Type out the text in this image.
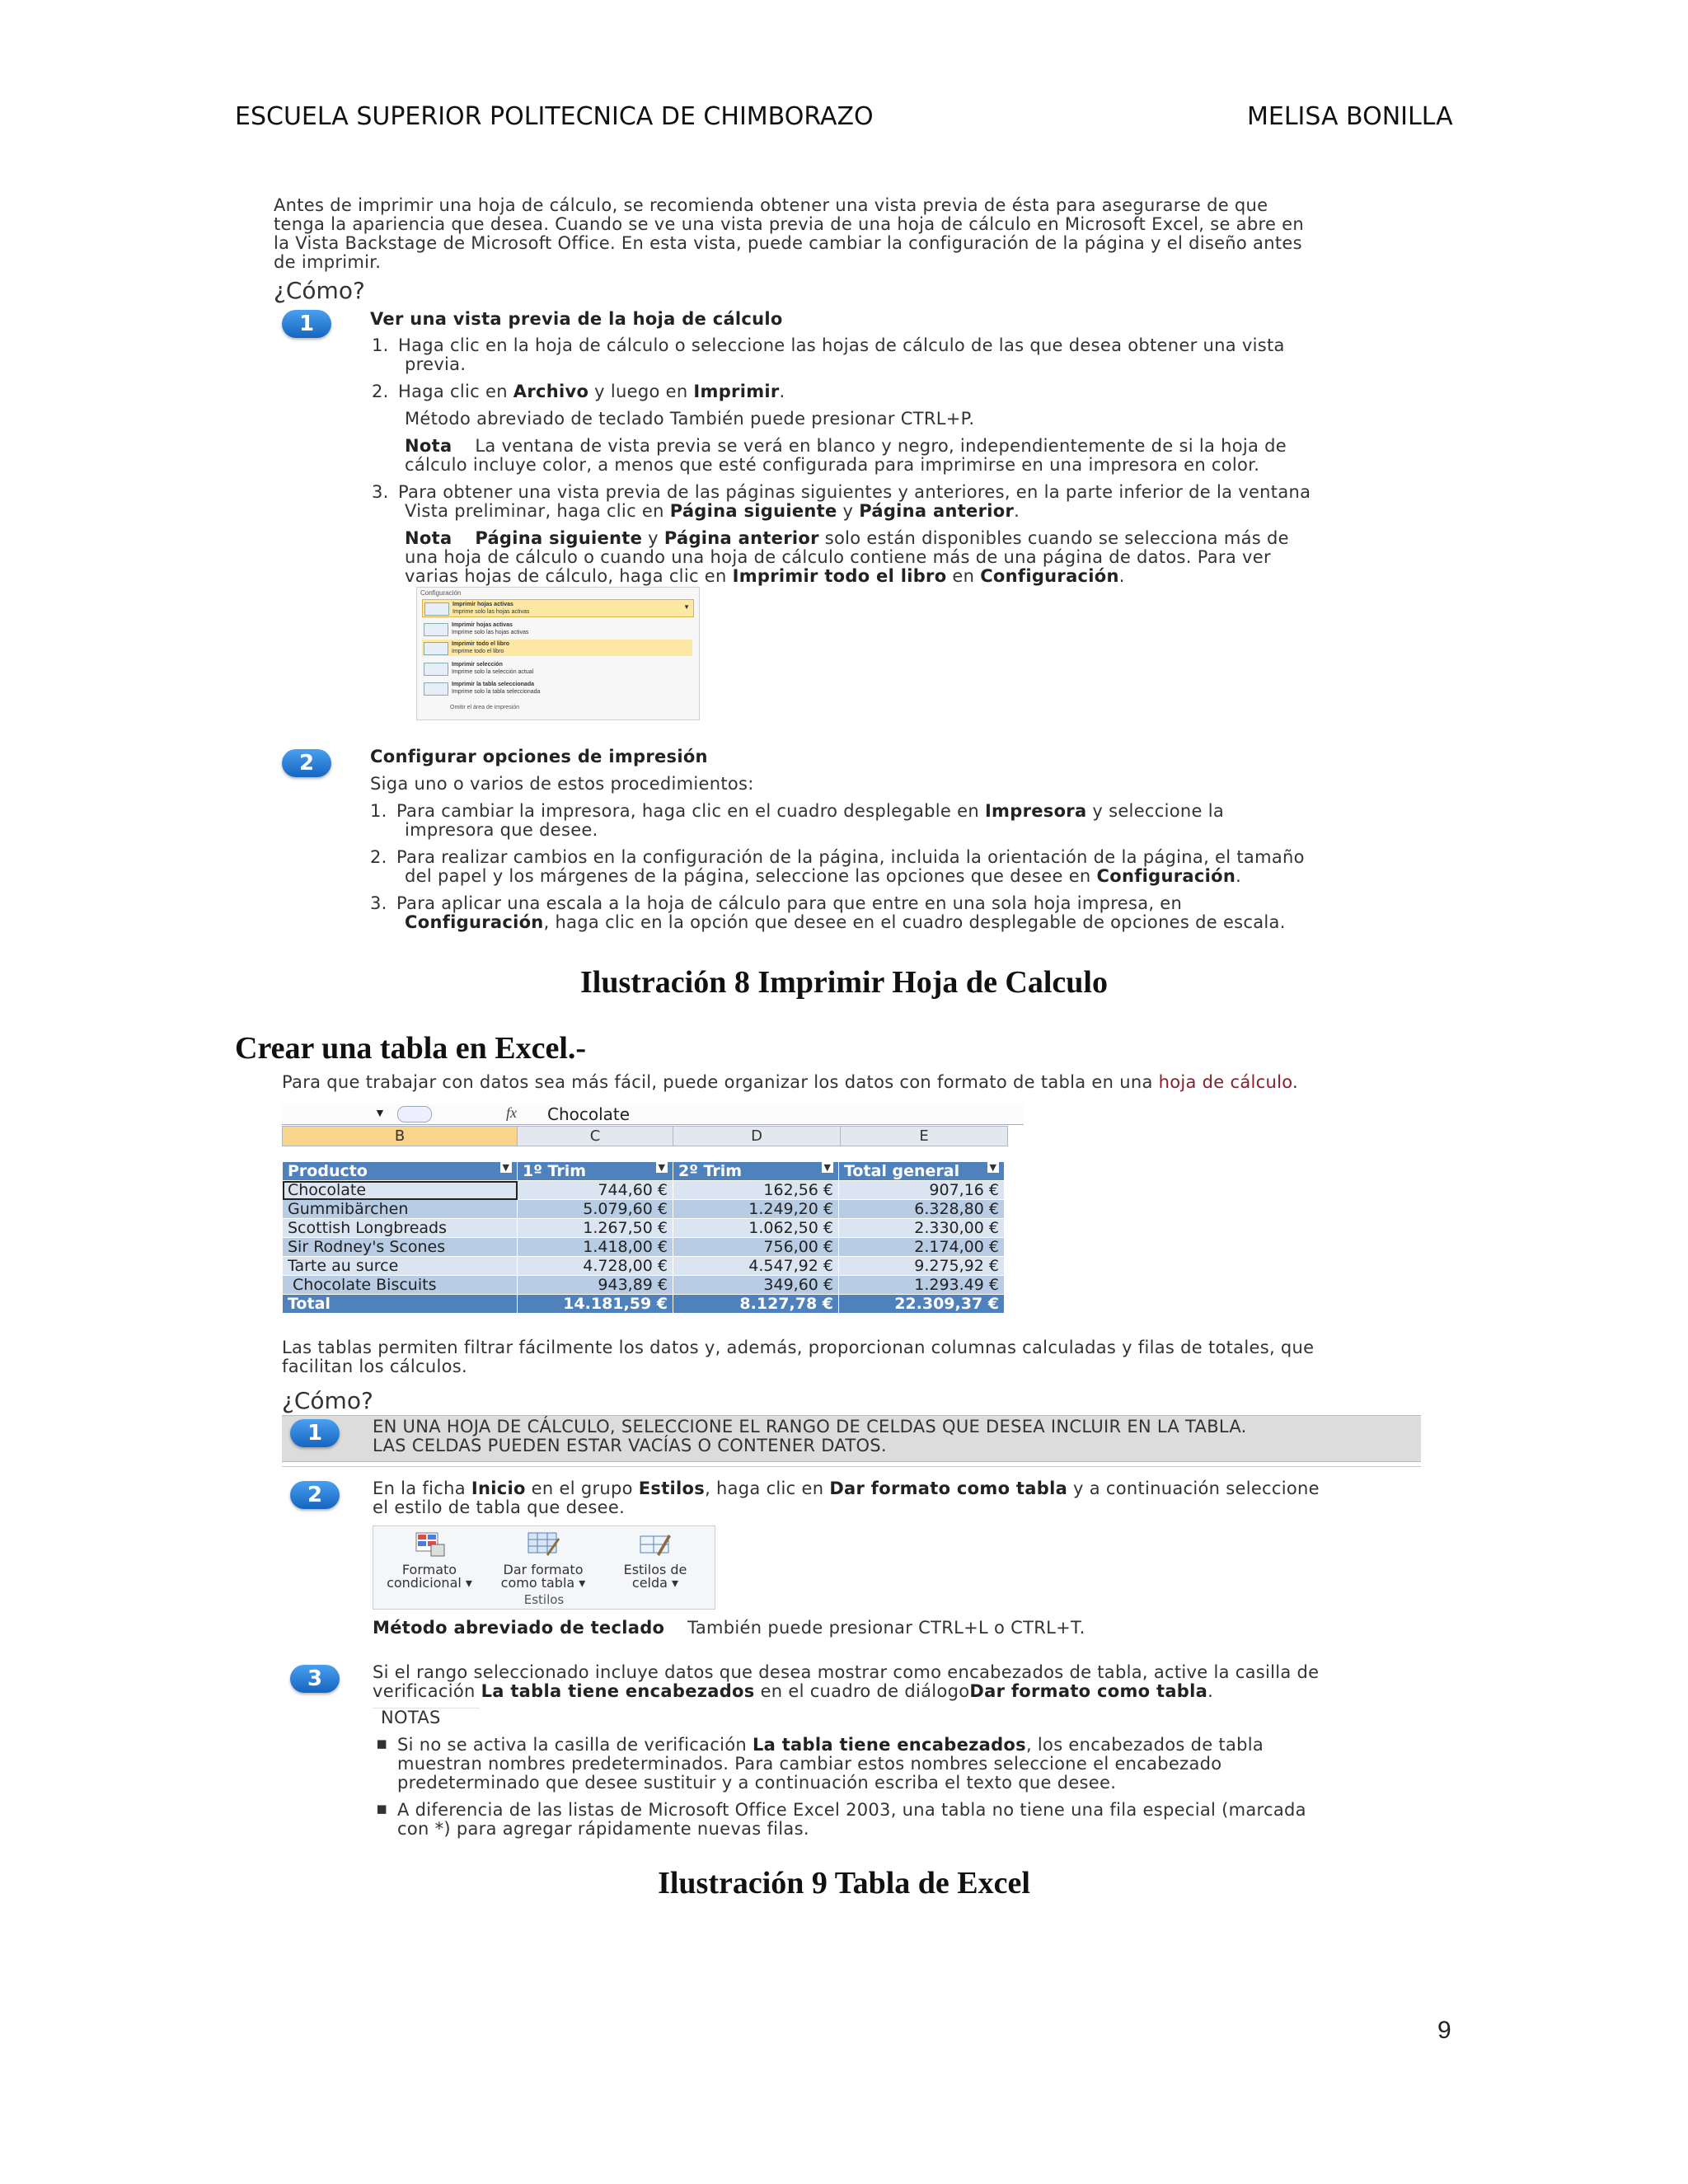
ESCUELA SUPERIOR POLITECNICA DE CHIMBORAZO	MELISA BONILLA
Antes de imprimir una hoja de cálculo, se recomienda obtener una vista previa de ésta para asegurarse de que
tenga la apariencia que desea. Cuando se ve una vista previa de una hoja de cálculo en Microsoft Excel, se abre en
la Vista Backstage de Microsoft Office. En esta vista, puede cambiar la configuración de la página y el diseño antes
de imprimir.
¿Cómo?
1	Ver una vista previa de la hoja de cálculo
1. Haga clic en la hoja de cálculo o seleccione las hojas de cálculo de las que desea obtener una vista
previa.
2. Haga clic en Archivo y luego en Imprimir.
Método abreviado de teclado También puede presionar CTRL+P.
Nota La ventana de vista previa se verá en blanco y negro, independientemente de si la hoja de
cálculo incluye color, a menos que esté configurada para imprimirse en una impresora en color.
3. Para obtener una vista previa de las páginas siguientes y anteriores, en la parte inferior de la ventana
Vista preliminar, haga clic en Página siguiente y Página anterior.
Nota Página siguiente y Página anterior solo están disponibles cuando se selecciona más de
una hoja de cálculo o cuando una hoja de cálculo contiene más de una página de datos. Para ver
varias hojas de cálculo, haga clic en Imprimir todo el libro en Configuración.
Configuración
Imprimir hojas activas
Imprime solo las hojas activas
▼
Imprimir hojas activas
Imprime solo las hojas activas
Imprimir todo el libro
Imprime todo el libro
Imprimir selección
Imprime solo la selección actual
Imprimir la tabla seleccionada
Imprime solo la tabla seleccionada
Omitir el área de impresión
2	Configurar opciones de impresión
Siga uno o varios de estos procedimientos:
1. Para cambiar la impresora, haga clic en el cuadro desplegable en Impresora y seleccione la
impresora que desee.
2. Para realizar cambios en la configuración de la página, incluida la orientación de la página, el tamaño
del papel y los márgenes de la página, seleccione las opciones que desee en Configuración.
3. Para aplicar una escala a la hoja de cálculo para que entre en una sola hoja impresa, en
Configuración, haga clic en la opción que desee en el cuadro desplegable de opciones de escala.
Ilustración 8 Imprimir Hoja de Calculo
Crear una tabla en Excel.-
Para que trabajar con datos sea más fácil, puede organizar los datos con formato de tabla en una hoja de cálculo.
▼	fx Chocolate
B	C	D	E
Producto ▼	1º Trim ▼	2º Trim ▼	Total general ▼

Chocolate	744,60 €	162,56 €	907,16 €
Gummibärchen	5.079,60 €	1.249,20 €	6.328,80 €
Scottish Longbreads	1.267,50 €	1.062,50 €	2.330,00 €
Sir Rodney's Scones	1.418,00 €	756,00 €	2.174,00 €
Tarte au surce	4.728,00 €	4.547,92 €	9.275,92 €
Chocolate Biscuits	943,89 €	349,60 €	1.293.49 €
Total	14.181,59 €	8.127,78 €	22.309,37 €
Las tablas permiten filtrar fácilmente los datos y, además, proporcionan columnas calculadas y filas de totales, que
facilitan los cálculos.
¿Cómo?
1	EN UNA HOJA DE CÁLCULO, SELECCIONE EL RANGO DE CELDAS QUE DESEA INCLUIR EN LA TABLA.
LAS CELDAS PUEDEN ESTAR VACÍAS O CONTENER DATOS.
2	En la ficha Inicio en el grupo Estilos, haga clic en Dar formato como tabla y a continuación seleccione
el estilo de tabla que desee.
Formato
condicional ▾
Dar formato
como tabla ▾
Estilos de
celda ▾
Estilos
Método abreviado de teclado También puede presionar CTRL+L o CTRL+T.
3	Si el rango seleccionado incluye datos que desea mostrar como encabezados de tabla, active la casilla de
verificación La tabla tiene encabezados en el cuadro de diálogoDar formato como tabla.
NOTAS
▪ Si no se activa la casilla de verificación La tabla tiene encabezados, los encabezados de tabla
muestran nombres predeterminados. Para cambiar estos nombres seleccione el encabezado
predeterminado que desee sustituir y a continuación escriba el texto que desee.
▪ A diferencia de las listas de Microsoft Office Excel 2003, una tabla no tiene una fila especial (marcada
con *) para agregar rápidamente nuevas filas.
Ilustración 9 Tabla de Excel
9
